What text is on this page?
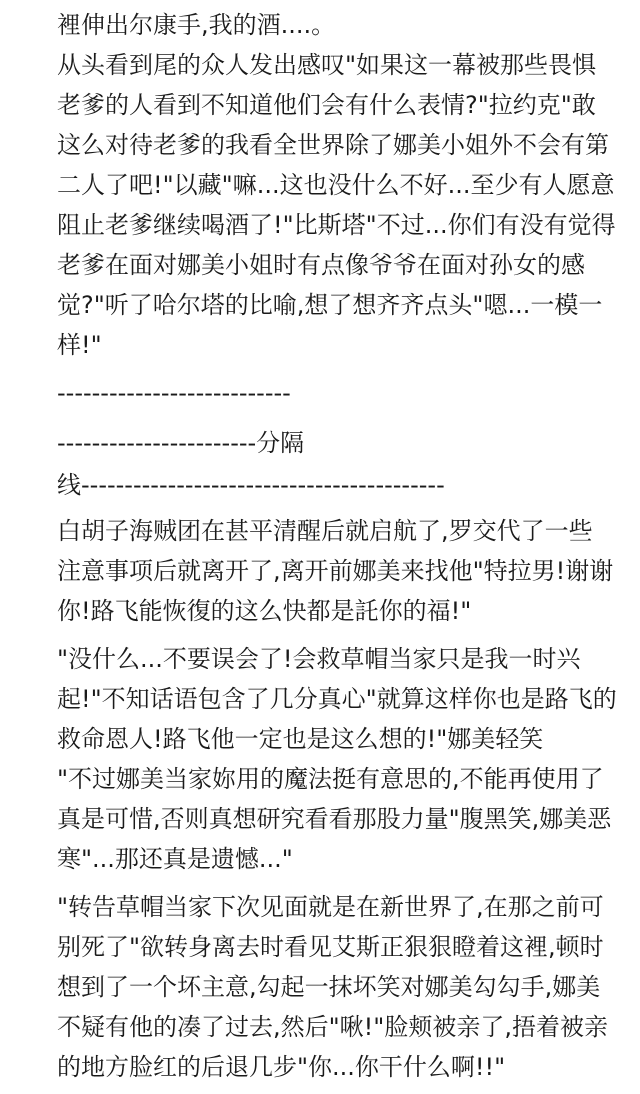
裡伸出尔康手,我的酒....。
从头看到尾的众人发出感叹"如果这一幕被那些畏惧
老爹的人看到不知道他们会有什么表情?"拉约克"敢
这么对待老爹的我看全世界除了娜美小姐外不会有第
二人了吧!"以藏"嘛...这也没什么不好...至少有人愿意
阻止老爹继续喝酒了!"比斯塔"不过...你们有没有觉得
老爹在面对娜美小姐时有点像爷爷在面对孙女的感
觉?"听了哈尔塔的比喻,想了想齐齐点头"嗯...一模一
样!"
---------------------------
-----------------------分隔
线------------------------------------------
白胡子海贼团在甚平清醒后就启航了,罗交代了一些
注意事项后就离开了,离开前娜美来找他"特拉男!谢谢
你!路飞能恢復的这么快都是託你的福!"
"没什么...不要误会了!会救草帽当家只是我一时兴
起!"不知话语包含了几分真心"就算这样你也是路飞的
救命恩人!路飞他一定也是这么想的!"娜美轻笑
"不过娜美当家妳用的魔法挺有意思的,不能再使用了
真是可惜,否则真想研究看看那股力量"腹黑笑,娜美恶
寒"...那还真是遗憾..."
"转告草帽当家下次见面就是在新世界了,在那之前可
别死了"欲转身离去时看见艾斯正狠狠瞪着这裡,顿时
想到了一个坏主意,勾起一抹坏笑对娜美勾勾手,娜美
不疑有他的凑了过去,然后"啾!"脸颊被亲了,捂着被亲
的地方脸红的后退几步"你...你干什么啊!!"
